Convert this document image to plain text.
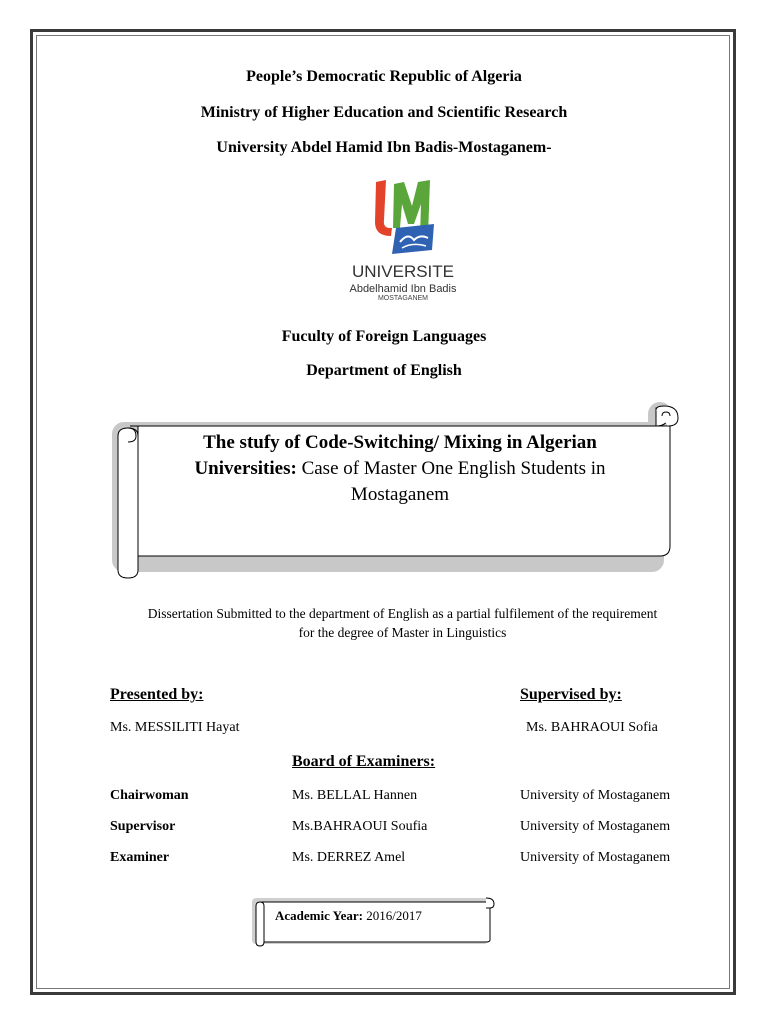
People’s Democratic Republic of Algeria
Ministry of Higher Education and Scientific Research
University Abdel Hamid Ibn Badis-Mostaganem-
UNIVERSITE
Abdelhamid Ibn Badis
MOSTAGANEM
Fuculty of Foreign Languages
Department of English
The stufy of Code-Switching/ Mixing in Algerian Universities: Case of Master One English Students in Mostaganem
Dissertation Submitted to the department of English as a partial fulfilement of the requirement
for the degree of Master in Linguistics
Presented by:	Supervised by:
Ms. MESSILITI Hayat	Ms. BAHRAOUI Sofia
Board of Examiners:
Chairwoman	Ms. BELLAL Hannen	University of Mostaganem
Supervisor	Ms.BAHRAOUI Soufia	University of Mostaganem
Examiner	Ms. DERREZ Amel	University of Mostaganem
Academic Year: 2016/2017
